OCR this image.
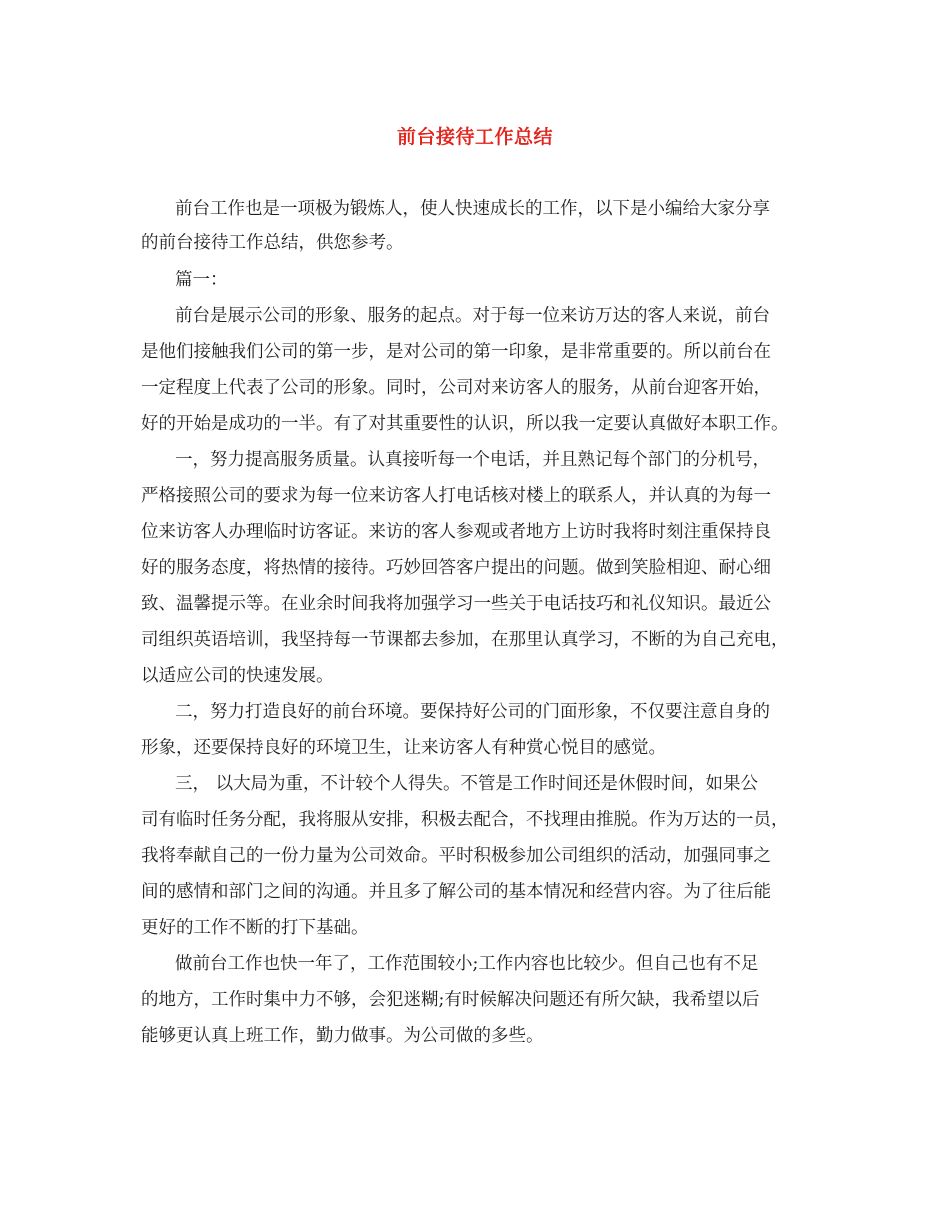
前台接待工作总结
前台工作也是一项极为锻炼人，使人快速成长的工作，以下是小编给大家分享
的前台接待工作总结，供您参考。
篇一：
前台是展示公司的形象、服务的起点。对于每一位来访万达的客人来说，前台
是他们接触我们公司的第一步，是对公司的第一印象，是非常重要的。所以前台在
一定程度上代表了公司的形象。同时，公司对来访客人的服务，从前台迎客开始，
好的开始是成功的一半。有了对其重要性的认识，所以我一定要认真做好本职工作。
一，努力提高服务质量。认真接听每一个电话，并且熟记每个部门的分机号，
严格接照公司的要求为每一位来访客人打电话核对楼上的联系人，并认真的为每一
位来访客人办理临时访客证。来访的客人参观或者地方上访时我将时刻注重保持良
好的服务态度，将热情的接待。巧妙回答客户提出的问题。做到笑脸相迎、耐心细
致、温馨提示等。在业余时间我将加强学习一些关于电话技巧和礼仪知识。最近公
司组织英语培训，我坚持每一节课都去参加，在那里认真学习，不断的为自己充电，
以适应公司的快速发展。
二，努力打造良好的前台环境。要保持好公司的门面形象，不仅要注意自身的
形象，还要保持良好的环境卫生，让来访客人有种赏心悦目的感觉。
三， 以大局为重，不计较个人得失。不管是工作时间还是休假时间，如果公
司有临时任务分配，我将服从安排，积极去配合，不找理由推脱。作为万达的一员，
我将奉献自己的一份力量为公司效命。平时积极参加公司组织的活动，加强同事之
间的感情和部门之间的沟通。并且多了解公司的基本情况和经营内容。为了往后能
更好的工作不断的打下基础。
做前台工作也快一年了，工作范围较小;工作内容也比较少。但自己也有不足
的地方，工作时集中力不够，会犯迷糊;有时候解决问题还有所欠缺，我希望以后
能够更认真上班工作，勤力做事。为公司做的多些。
